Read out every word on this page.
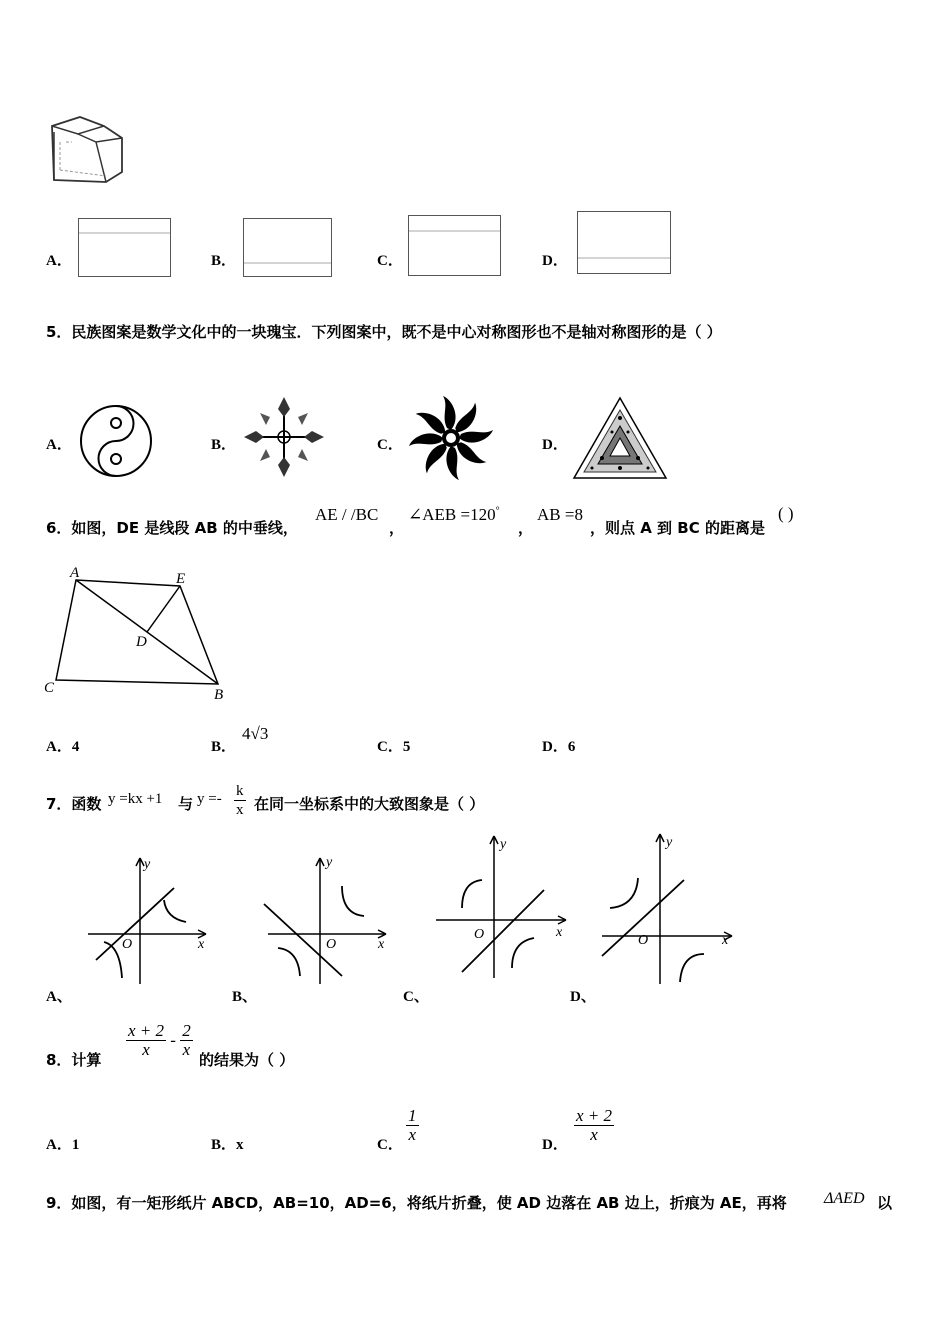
A．	B．	C．	D．
5．民族图案是数学文化中的一块瑰宝．下列图案中，既不是中心对称图形也不是轴对称图形的是（ ）
A．	B．	C．	D．
6．如图，DE 是线段 AB 的中垂线，
AE / /BC
，
∠AEB =120°
，
AB =8
，则点 A 到 BC 的距离是
( )
A	E
D
C	B
A．4	B．
4√3
C．5	D．6
7．函数 y =kx +1 与 $y =- \frac{k}{x}$ 在同一坐标系中的大致图象是（ ）
y
x
O
A、
y
x
O
B、
y
x
O
C、
y
x
O
D、
8．计算
$\frac{x + 2}{x} - \frac{2}{x}$
的结果为（ ）
A．1	B．x	C．
$\frac{1}{x}$
D．
$\frac{x + 2}{x}$
9．如图，有一矩形纸片 ABCD，AB=10，AD=6，将纸片折叠，使 AD 边落在 AB 边上，折痕为 AE，再将 ΔAED 以
